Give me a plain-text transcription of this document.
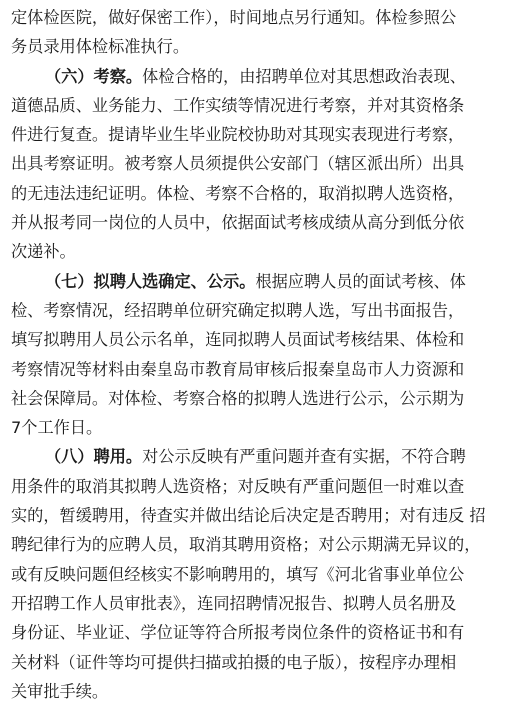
定体检医院，做好保密工作），时间地点另行通知。体检参照公
务员录用体检标准执行。
（六）考察。体检合格的，由招聘单位对其思想政治表现、
道德品质、业务能力、工作实绩等情况进行考察，并对其资格条
件进行复查。提请毕业生毕业院校协助对其现实表现进行考察，
出具考察证明。被考察人员须提供公安部门（辖区派出所）出具
的无违法违纪证明。体检、考察不合格的，取消拟聘人选资格，
并从报考同一岗位的人员中，依据面试考核成绩从高分到低分依
次递补。
（七）拟聘人选确定、公示。根据应聘人员的面试考核、体
检、考察情况，经招聘单位研究确定拟聘人选，写出书面报告，
填写拟聘用人员公示名单，连同拟聘人员面试考核结果、体检和
考察情况等材料由秦皇岛市教育局审核后报秦皇岛市人力资源和
社会保障局。对体检、考察合格的拟聘人选进行公示，公示期为
7个工作日。
（八）聘用。对公示反映有严重问题并查有实据，不符合聘
用条件的取消其拟聘人选资格；对反映有严重问题但一时难以查
实的，暂缓聘用，待查实并做出结论后决定是否聘用；对有违反 招
聘纪律行为的应聘人员，取消其聘用资格；对公示期满无异议的，
或有反映问题但经核实不影响聘用的，填写《河北省事业单位公
开招聘工作人员审批表》，连同招聘情况报告、拟聘人员名册及
身份证、毕业证、学位证等符合所报考岗位条件的资格证书和有
关材料（证件等均可提供扫描或拍摄的电子版），按程序办理相
关审批手续。
